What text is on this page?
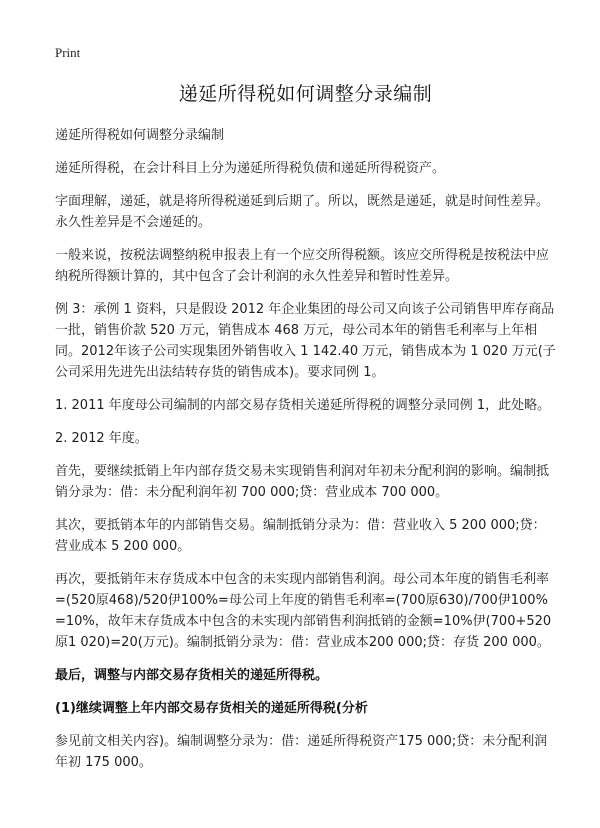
Print
递延所得税如何调整分录编制

递延所得税如何调整分录编制

递延所得税，在会计科目上分为递延所得税负债和递延所得税资产。

字面理解，递延，就是将所得税递延到后期了。所以，既然是递延，就是时间性差异。永久性差异是不会递延的。

一般来说，按税法调整纳税申报表上有一个应交所得税额。该应交所得税是按税法中应纳税所得额计算的，其中包含了会计利润的永久性差异和暂时性差异。

例 3：承例 1 资料，只是假设 2012 年企业集团的母公司又向该子公司销售甲库存商品一批，销售价款 520 万元，销售成本 468 万元，母公司本年的销售毛利率与上年相同。2012年该子公司实现集团外销售收入 1 142.40 万元，销售成本为 1 020 万元(子公司采用先进先出法结转存货的销售成本)。要求同例 1。

1. 2011 年度母公司编制的内部交易存货相关递延所得税的调整分录同例 1，此处略。

2. 2012 年度。

首先，要继续抵销上年内部存货交易未实现销售利润对年初未分配利润的影响。编制抵销分录为：借：未分配利润年初 700 000;贷：营业成本 700 000。

其次，要抵销本年的内部销售交易。编制抵销分录为：借：营业收入 5 200 000;贷：营业成本 5 200 000。

再次，要抵销年末存货成本中包含的未实现内部销售利润。母公司本年度的销售毛利率=(520原468)/520伊100%=母公司上年度的销售毛利率=(700原630)/700伊100%=10%，故年末存货成本中包含的未实现内部销售利润抵销的金额=10%伊(700+520原1 020)=20(万元)。编制抵销分录为：借：营业成本200 000;贷：存货 200 000。

最后，调整与内部交易存货相关的递延所得税。

(1)继续调整上年内部交易存货相关的递延所得税(分析

参见前文相关内容)。编制调整分录为：借：递延所得税资产175 000;贷：未分配利润年初 175 000。
